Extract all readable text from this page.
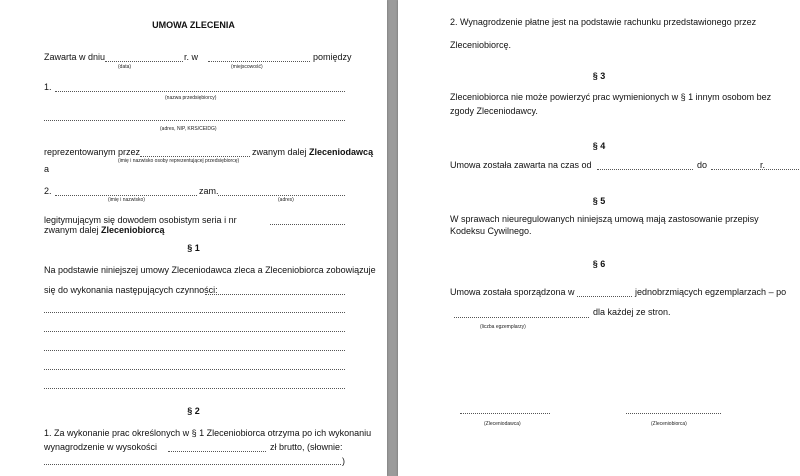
UMOWA ZLECENIA
Zawarta w dniu	r. w	pomiędzy
(data)	(miejscowość)
1.
(nazwa przedsiębiorcy)
(adres, NIP, KRS/CEIDG)
reprezentowanym przez	zwanym dalej Zleceniodawcą
(imię i nazwisko osoby reprezentującej przedsiębiorcę)
a
2.	zam.
(imię i nazwisko)	(adres)
legitymującym się dowodem osobistym seria i nr
zwanym dalej Zleceniobiorcą
§ 1
Na podstawie niniejszej umowy Zleceniodawca zleca a Zleceniobiorca zobowiązuje
się do wykonania następujących czynności:
§ 2
1. Za wykonanie prac określonych w § 1 Zleceniobiorca otrzyma po ich wykonaniu
wynagrodzenie w wysokości	zł brutto, (słownie:
)
2. Wynagrodzenie płatne jest na podstawie rachunku przedstawionego przez
Zleceniobiorcę.
§ 3
Zleceniobiorca nie może powierzyć prac wymienionych w § 1 innym osobom bez
zgody Zleceniodawcy.
§ 4
Umowa została zawarta na czas od	do	r.
§ 5
W sprawach nieuregulowanych niniejszą umową mają zastosowanie przepisy
Kodeksu Cywilnego.
§ 6
Umowa została sporządzona w	jednobrzmiących egzemplarzach – po
dla każdej ze stron.
(liczba egzemplarzy)
(Zleceniodawca)	(Zleceniobiorca)
